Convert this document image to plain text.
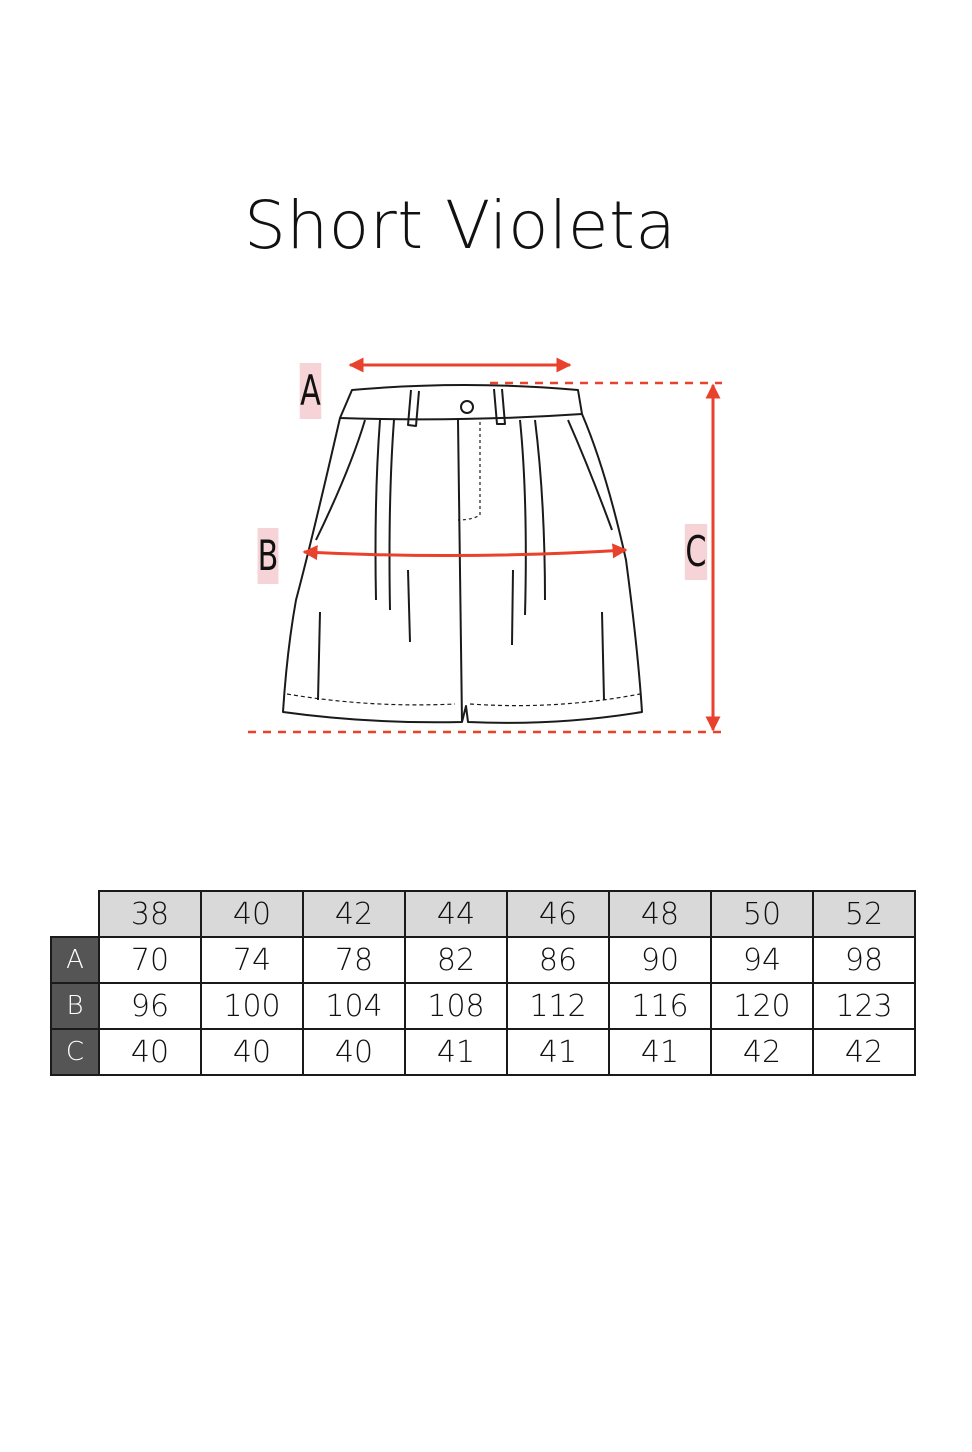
Short Violeta
A
B	C
	38	40	42	44	46	48	50	52
A	70	74	78	82	86	90	94	98
B	96	100	104	108	112	116	120	123
C	40	40	40	41	41	41	42	42
